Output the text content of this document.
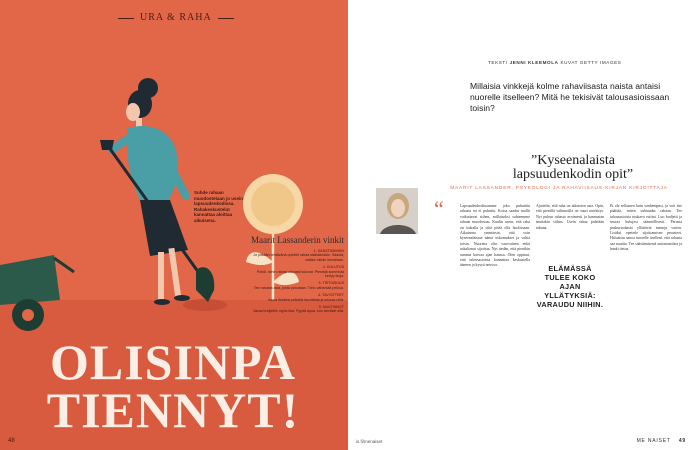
URA & RAHA
Suhde rahaan muodostetaan jo usein lapsuudenkodissa. Rahakeskustelut kannattaa aloittaa aikuisena.
Maarit Lassanderin vinkit
1. SÄÄSTÄMINEN
Jo pitkään tehtävänä opetteli rahaa säästämään. Säästä, vaikka vähän kerrallaan.
2. KULUTUS
Pohdi, mihin rahasi oikeasti kuluvat. Pienistä summista kertyy isoja.
3. TIETOISUUS
Tee rahasta asia, josta puhutaan. Tieto vähentää pelkoa.
4. TAVOITTEET
Aseta itsellesi selkeitä tavoitteita ja seuraa niitä.
5. NAUTINNOT
Varaa budjettiin myös iloa. Pyydä apua, kun tarvitset sitä.
OLISINPA
TIENNYT!
48
TEKSTI JENNI KLEEMOLA KUVAT GETTY IMAGES
Millaisia vinkkejä kolme rahaviisasta naista antaisi nuorelle itselleen? Mitä he tekisivät talousasioissaan toisin?
”Kyseenalaista lapsuudenkodin opit”
MAARIT LASSANDER, PSYKOLOGI JA RAHAVIISAUS-KIRJAN KIRJOITTAJA
“	Lapsuudenkodissamme joko puhuttiin rahasta tai ei puhuttu. Kotoa saadut mallit vaikuttavat siihen, millaiseksi suhteemme rahaan muodostuu. Kuulin usein, että raha on tiukalla ja siitä pitää olla huolissaan. Aikuisena ymmärsin, että voin kyseenalaistaa nämä uskomukset ja valita toisin. Nuorena olin varovainen enkä uskaltanut sijoittaa. Nyt tiedän, että pienikin summa kasvaa ajan kanssa. Olen oppinut, että talousasioista kannattaa keskustella ääneen ja kysyä neuvoa.
Ajattelin, että raha on aikuisten asia. Opin, että pienillä valinnoilla on suuri merkitys. Nyt puhun rahasta avoimesti ja kannustan muitakin siihen. Usein rahaa pidetään tabuna.
ELÄMÄSSÄ TULEE KOKO AJAN YLLÄTYKSIÄ: VARAUDU NIIHIN.
Et ole sellainen kuin vanhempasi, ja voit itse päättää, miten suhtaudut rahaan. Tee talousasioista mukava rutiini. Luo budjetti ja seuraa kulujasi säännöllisesti. Perusta puskurirahasto yllättäviä menoja varten. Lisäksi opettele sijoittamisen perusteet. Haluaisin sanoa nuorelle itselleni, että rahasta saa nauttia. Tee säästämisestä automaattista ja hanki tietoa.
is.fi/menaiset	ME NAISET 49
